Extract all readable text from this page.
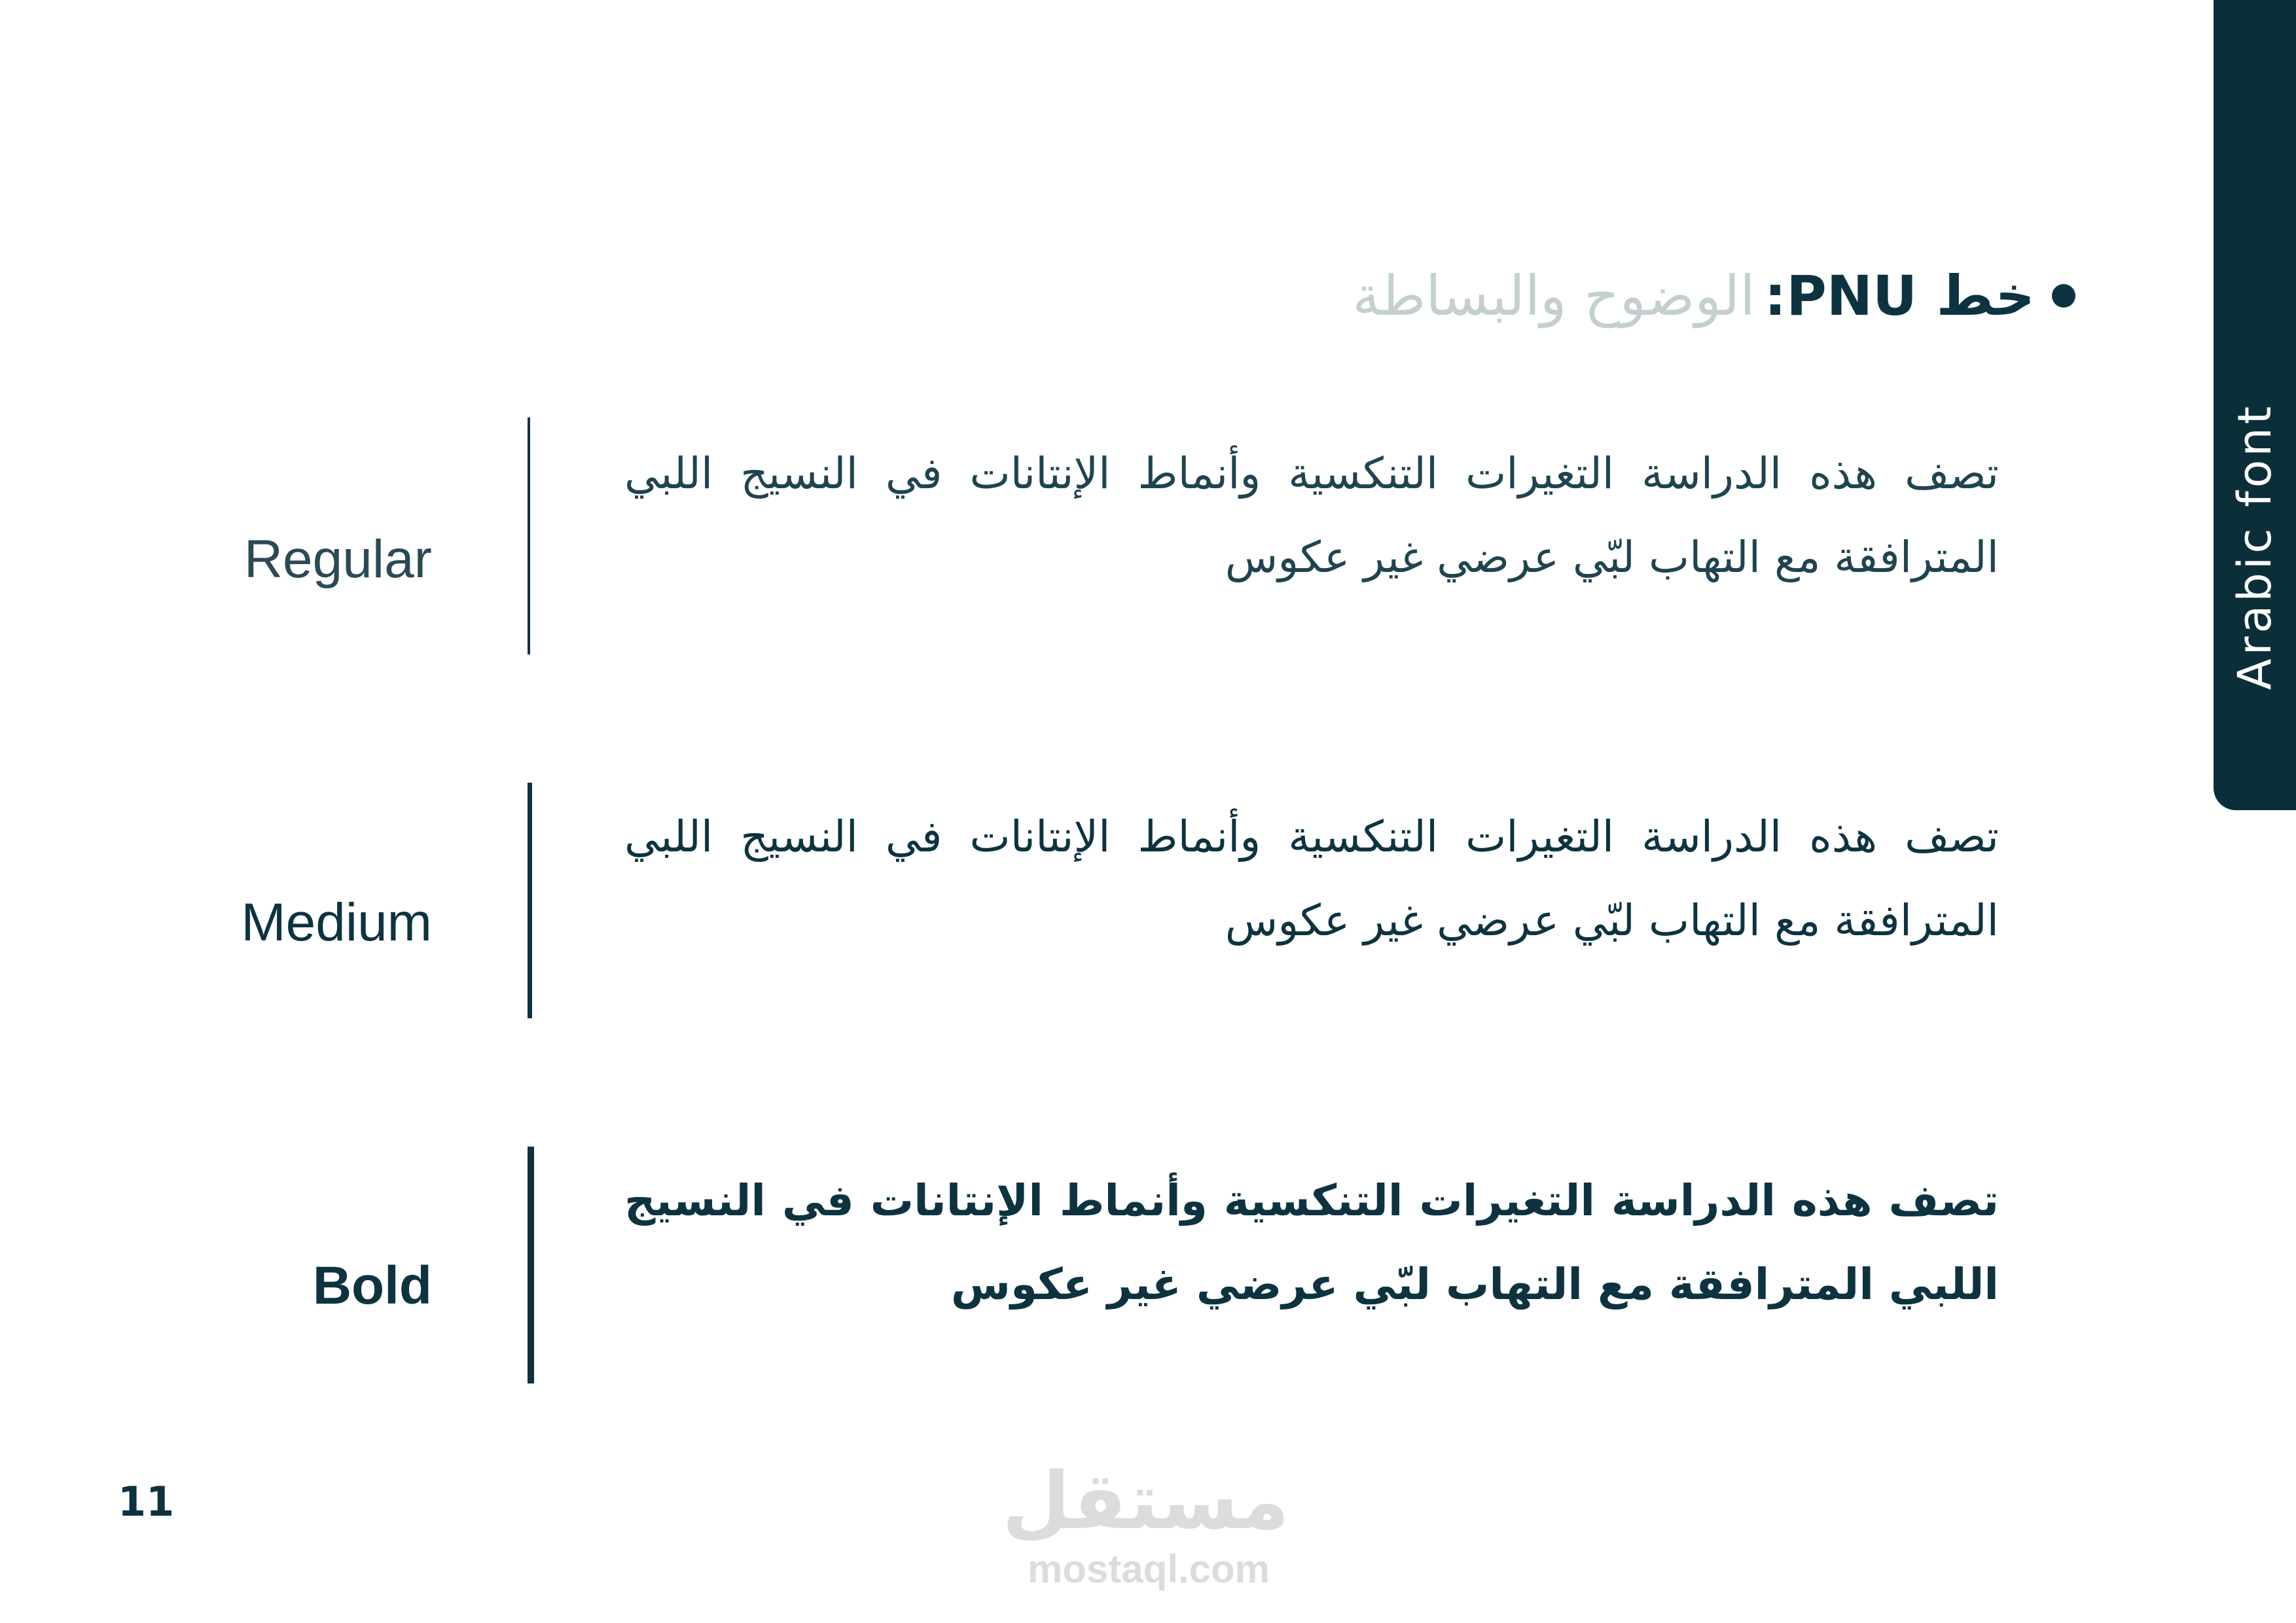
Arabic font
خط PNU
:
الوضوح والبساطة
Regular
تصف هذه الدراسة التغيرات التنكسية وأنماط الإنتانات في النسيج اللبي المترافقة مع التهاب لبّي عرضي غير عكوس
Medium
تصف هذه الدراسة التغيرات التنكسية وأنماط الإنتانات في النسيج اللبي المترافقة مع التهاب لبّي عرضي غير عكوس
Bold
تصف هذه الدراسة التغيرات التنكسية وأنماط الإنتانات في النسيج اللبي المترافقة مع التهاب لبّي عرضي غير عكوس
11	مستقل
mostaql.com
